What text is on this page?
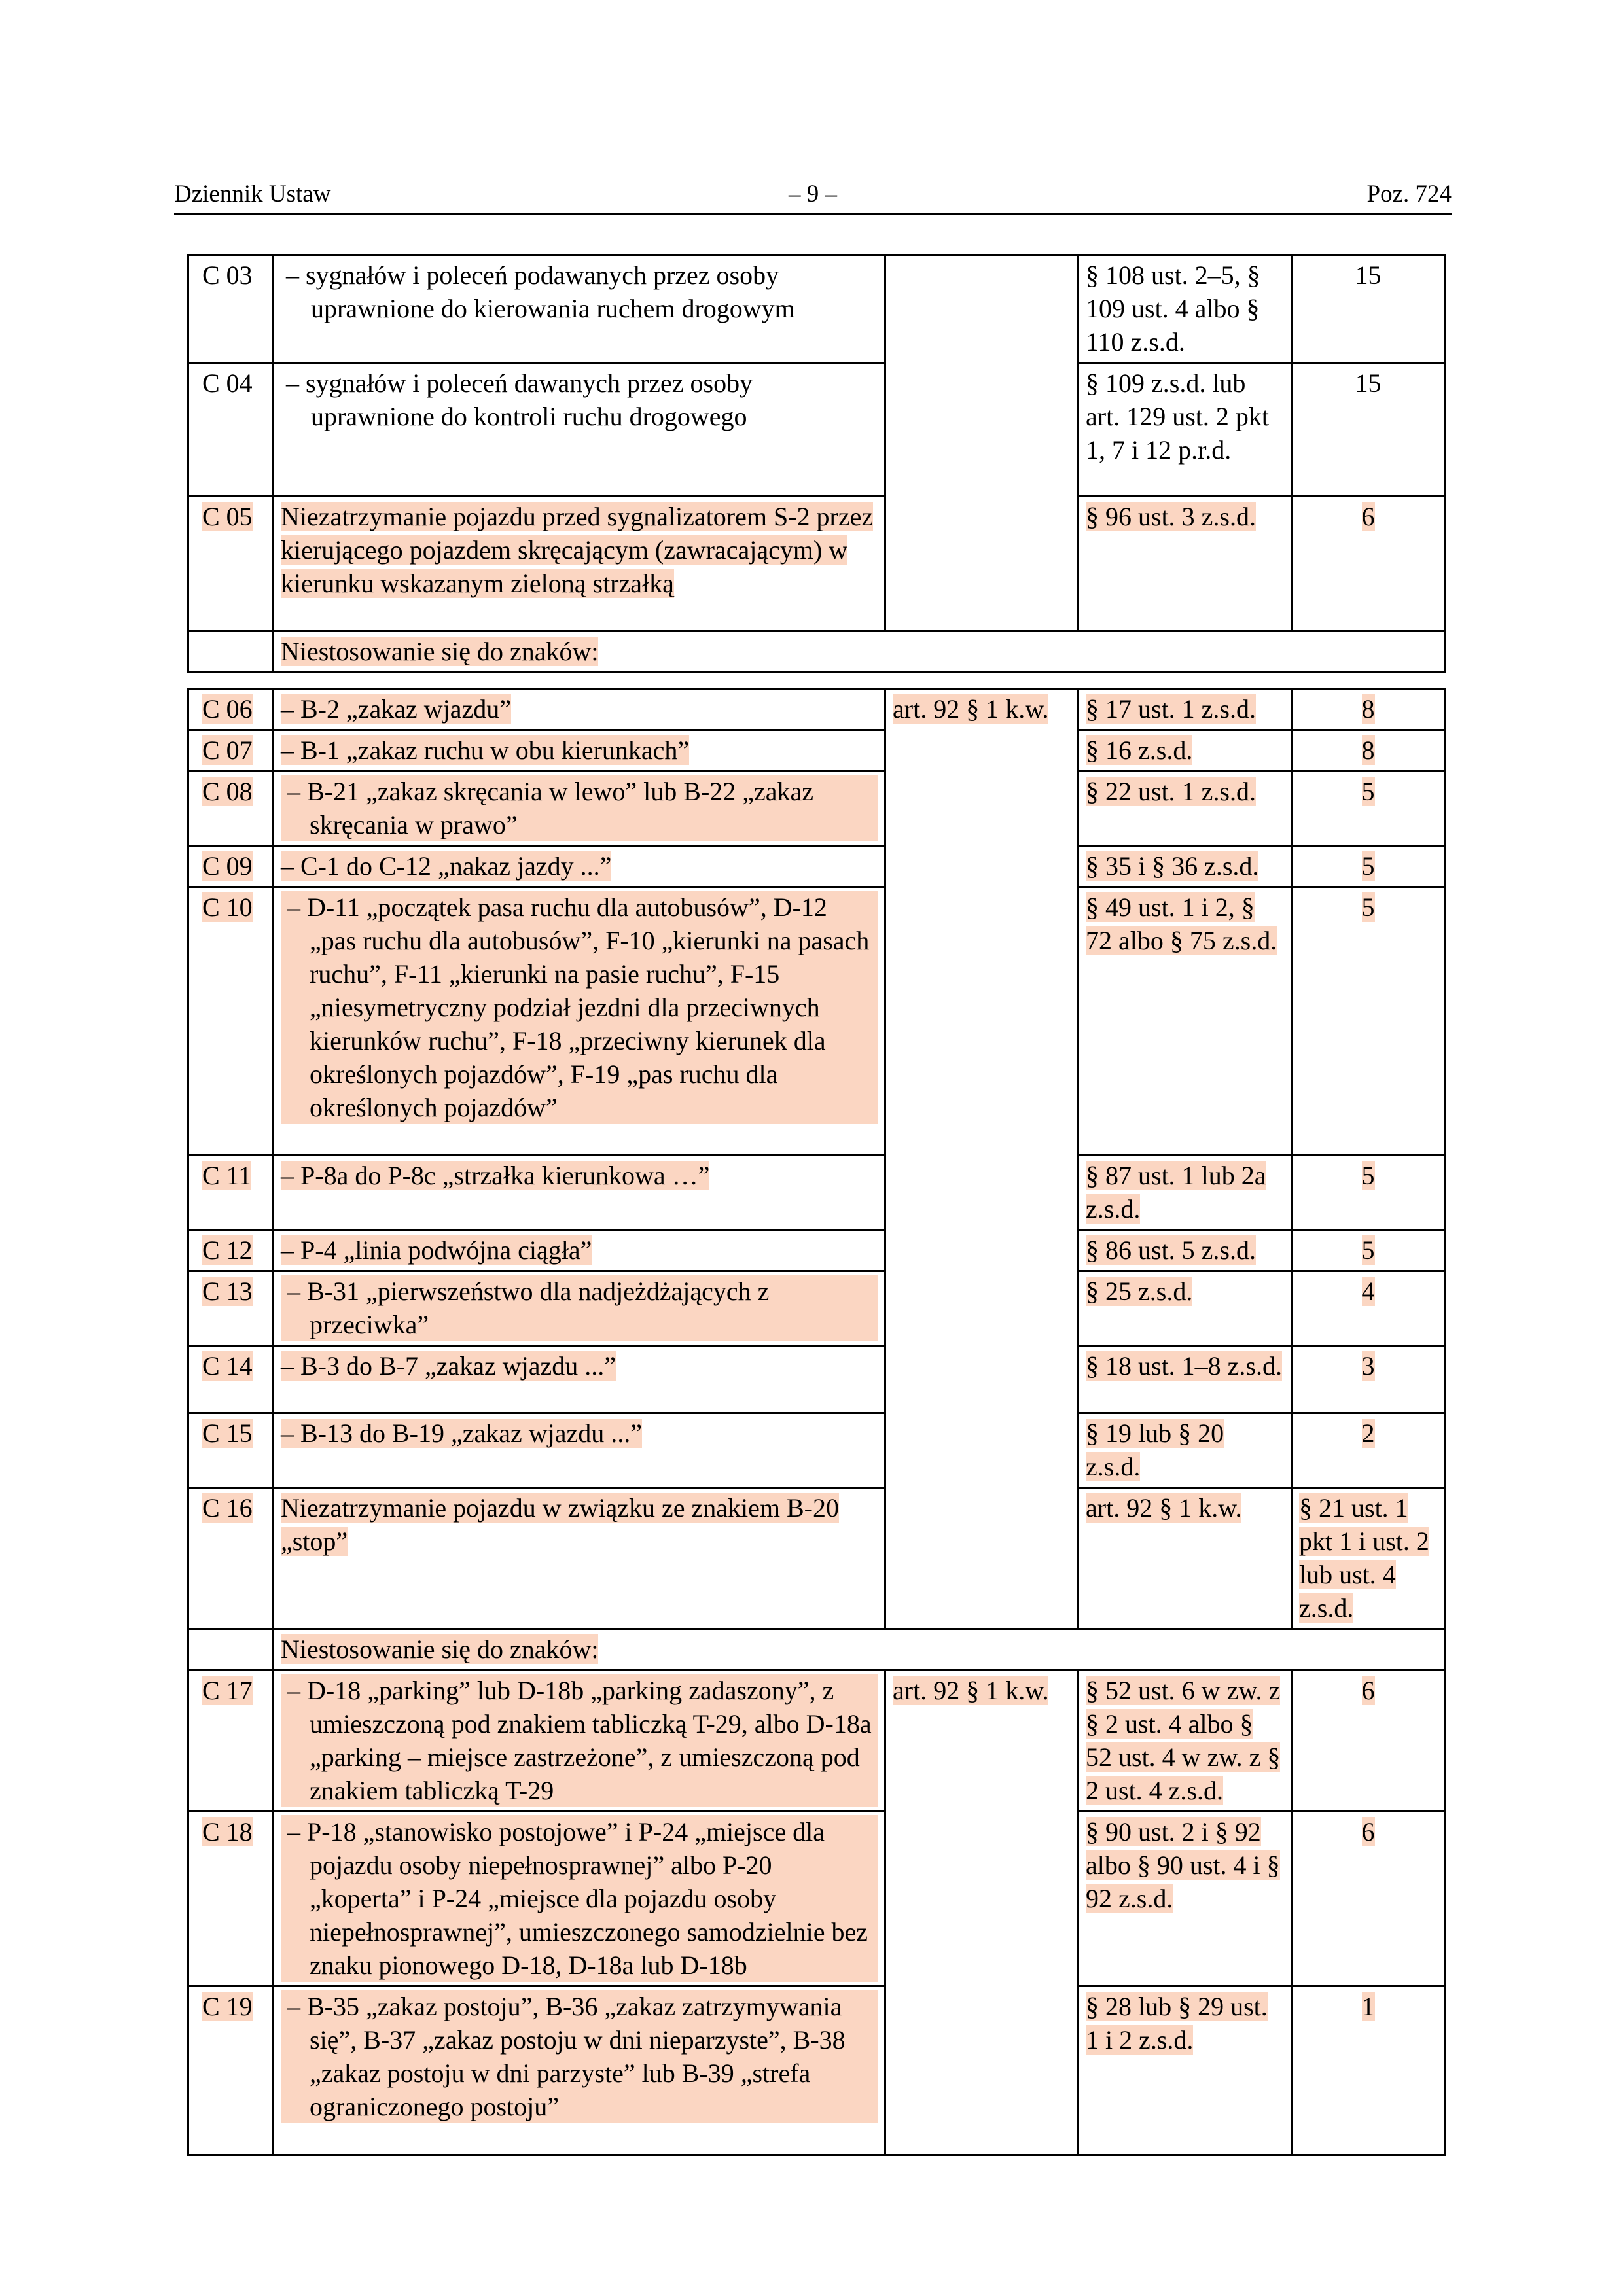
Dziennik Ustaw	– 9 –	Poz. 724
C 03	– sygnałów i poleceń podawanych przez osoby uprawnione do kierowania ruchem drogowym		§ 108 ust. 2–5, § 109 ust. 4 albo § 110 z.s.d.	15	
C 04	– sygnałów i poleceń dawanych przez osoby uprawnione do kontroli ruchu drogowego		§ 109 z.s.d. lub art. 129 ust. 2 pkt 1, 7 i 12 p.r.d.	15	
C 05	Niezatrzymanie pojazdu przed sygnalizatorem S-2 przez kierującego pojazdem skręcającym (zawracającym) w kierunku wskazanym zieloną strzałką		§ 96 ust. 3 z.s.d.	6	
	Niestosowanie się do znaków:				

C 06	– B-2 „zakaz wjazdu”	art. 92 § 1 k.w.	§ 17 ust. 1 z.s.d.	8	
C 07	– B-1 „zakaz ruchu w obu kierunkach”		§ 16 z.s.d.	8	
C 08	– B-21 „zakaz skręcania w lewo” lub B-22 „zakaz skręcania w prawo”		§ 22 ust. 1 z.s.d.	5	
C 09	– C-1 do C-12 „nakaz jazdy ...”		§ 35 i § 36 z.s.d.	5	
C 10	– D-11 „początek pasa ruchu dla autobusów”, D-12 „pas ruchu dla autobusów”, F-10 „kierunki na pasach ruchu”, F-11 „kierunki na pasie ruchu”, F-15 „niesymetryczny podział jezdni dla przeciwnych kierunków ruchu”, F-18 „przeciwny kierunek dla określonych pojazdów”, F-19 „pas ruchu dla określonych pojazdów”		§ 49 ust. 1 i 2, § 72 albo § 75 z.s.d.	5	
C 11	– P-8a do P-8c „strzałka kierunkowa …”		§ 87 ust. 1 lub 2a z.s.d.	5	
C 12	– P-4 „linia podwójna ciągła”		§ 86 ust. 5 z.s.d.	5	
C 13	– B-31 „pierwszeństwo dla nadjeżdżających z przeciwka”		§ 25 z.s.d.	4	
C 14	– B-3 do B-7 „zakaz wjazdu ...”		§ 18 ust. 1–8 z.s.d.	3	
C 15	– B-13 do B-19 „zakaz wjazdu ...”		§ 19 lub § 20 z.s.d.	2	
C 16	Niezatrzymanie pojazdu w związku ze znakiem B-20 „stop”		art. 92 § 1 k.w.	§ 21 ust. 1 pkt 1 i ust. 2 lub ust. 4 z.s.d.	
	Niestosowanie się do znaków:				
C 17	– D-18 „parking” lub D-18b „parking zadaszony”, z umieszczoną pod znakiem tabliczką T-29, albo D-18a „parking – miejsce zastrzeżone”, z umieszczoną pod znakiem tabliczką T-29	art. 92 § 1 k.w.	§ 52 ust. 6 w zw. z § 2 ust. 4 albo § 52 ust. 4 w zw. z § 2 ust. 4 z.s.d.	6	
C 18	– P-18 „stanowisko postojowe” i P-24 „miejsce dla pojazdu osoby niepełnosprawnej” albo P-20 „koperta” i P-24 „miejsce dla pojazdu osoby niepełnosprawnej”, umieszczonego samodzielnie bez znaku pionowego D-18, D-18a lub D-18b		§ 90 ust. 2 i § 92 albo § 90 ust. 4 i § 92 z.s.d.	6	
C 19	– B-35 „zakaz postoju”, B-36 „zakaz zatrzymywania się”, B-37 „zakaz postoju w dni nieparzyste”, B-38 „zakaz postoju w dni parzyste” lub B-39 „strefa ograniczonego postoju”		§ 28 lub § 29 ust. 1 i 2 z.s.d.	1	
